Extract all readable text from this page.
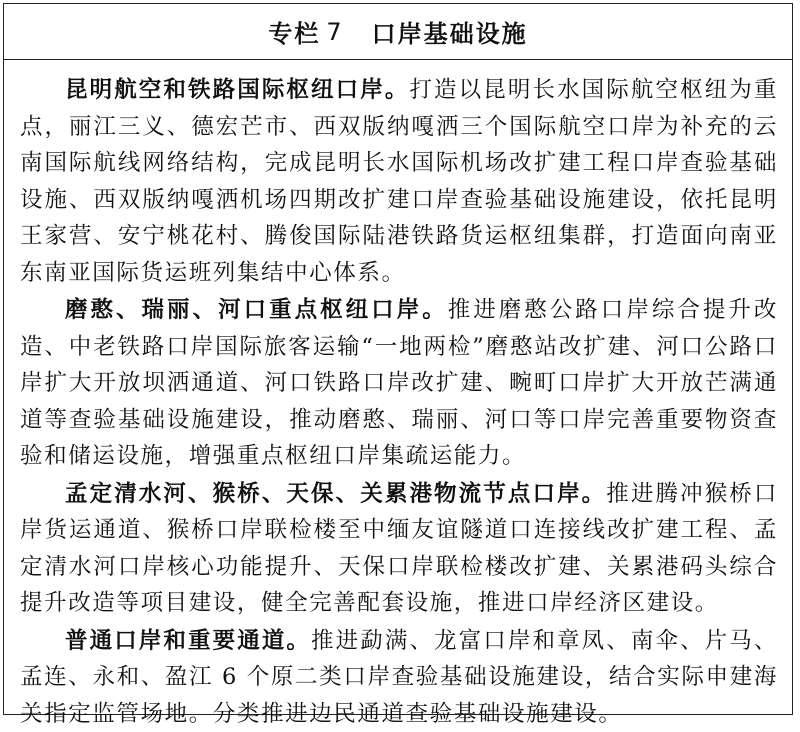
专栏 7 口岸基础设施

昆明航空和铁路国际枢纽口岸。打造以昆明长水国际航空枢纽为重点，丽江三义、德宏芒市、西双版纳嘎洒三个国际航空口岸为补充的云南国际航线网络结构，完成昆明长水国际机场改扩建工程口岸查验基础设施、西双版纳嘎洒机场四期改扩建口岸查验基础设施建设，依托昆明王家营、安宁桃花村、腾俊国际陆港铁路货运枢纽集群，打造面向南亚东南亚国际货运班列集结中心体系。

磨憨、瑞丽、河口重点枢纽口岸。推进磨憨公路口岸综合提升改造、中老铁路口岸国际旅客运输“一地两检”磨憨站改扩建、河口公路口岸扩大开放坝洒通道、河口铁路口岸改扩建、畹町口岸扩大开放芒满通道等查验基础设施建设，推动磨憨、瑞丽、河口等口岸完善重要物资查验和储运设施，增强重点枢纽口岸集疏运能力。

孟定清水河、猴桥、天保、关累港物流节点口岸。推进腾冲猴桥口岸货运通道、猴桥口岸联检楼至中缅友谊隧道口连接线改扩建工程、孟定清水河口岸核心功能提升、天保口岸联检楼改扩建、关累港码头综合提升改造等项目建设，健全完善配套设施，推进口岸经济区建设。

普通口岸和重要通道。推进勐满、龙富口岸和章凤、南伞、片马、孟连、永和、盈江 6 个原二类口岸查验基础设施建设，结合实际申建海关指定监管场地。分类推进边民通道查验基础设施建设。
